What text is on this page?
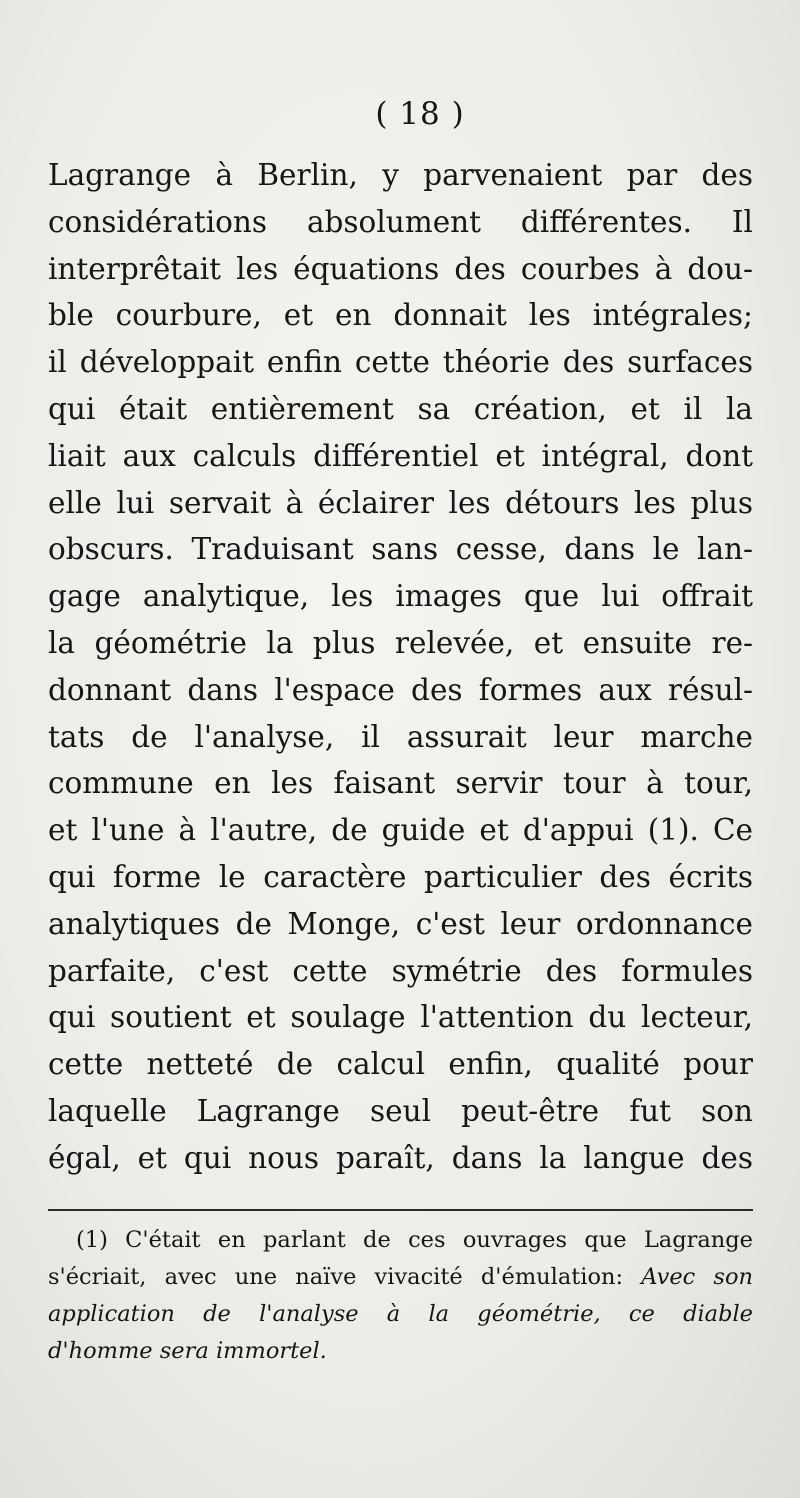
( 18 )
Lagrange à Berlin, y parvenaient par des
considérations absolument différentes. Il
interprêtait les équations des courbes à dou-
ble courbure, et en donnait les intégrales;
il développait enfin cette théorie des surfaces
qui était entièrement sa création, et il la
liait aux calculs différentiel et intégral, dont
elle lui servait à éclairer les détours les plus
obscurs. Traduisant sans cesse, dans le lan-
gage analytique, les images que lui offrait
la géométrie la plus relevée, et ensuite re-
donnant dans l'espace des formes aux résul-
tats de l'analyse, il assurait leur marche
commune en les faisant servir tour à tour,
et l'une à l'autre, de guide et d'appui (1). Ce
qui forme le caractère particulier des écrits
analytiques de Monge, c'est leur ordonnance
parfaite, c'est cette symétrie des formules
qui soutient et soulage l'attention du lecteur,
cette netteté de calcul enfin, qualité pour
laquelle Lagrange seul peut-être fut son
égal, et qui nous paraît, dans la langue des
(1) C'était en parlant de ces ouvrages que Lagrange
s'écriait, avec une naïve vivacité d'émulation: Avec son
application de l'analyse à la géométrie, ce diable
d'homme sera immortel.
